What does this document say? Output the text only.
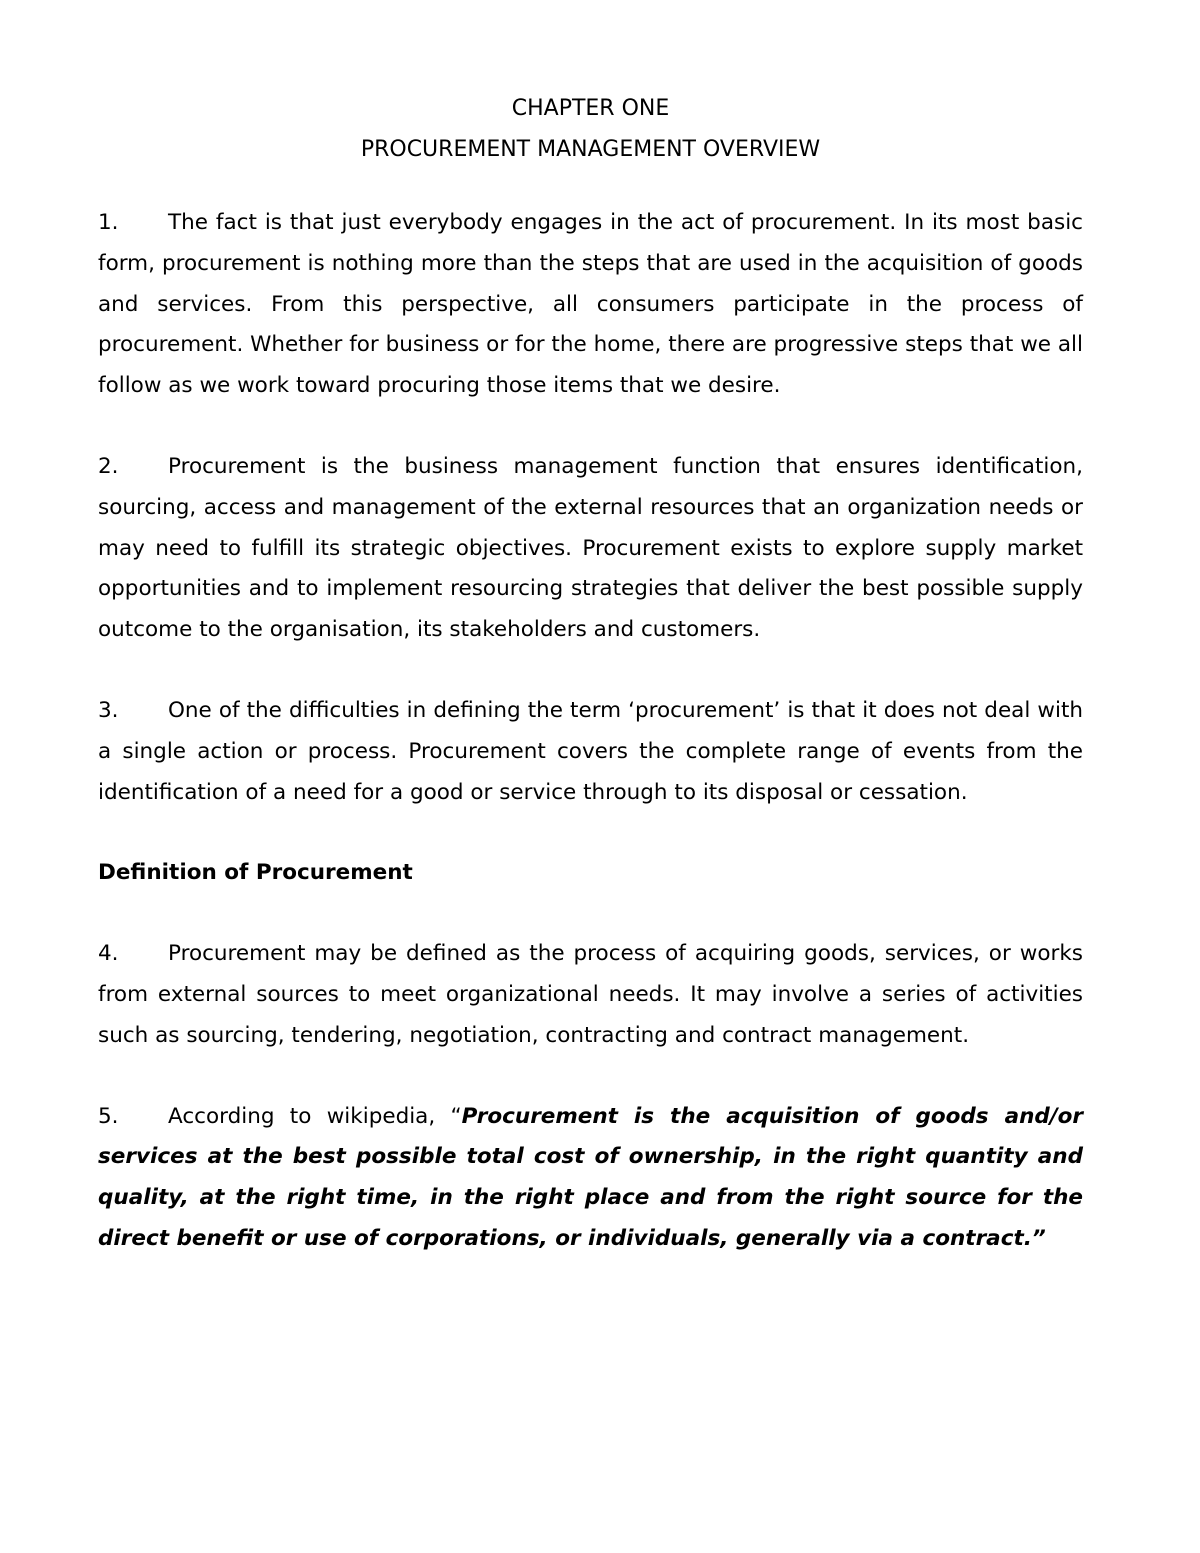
CHAPTER ONE

PROCUREMENT MANAGEMENT OVERVIEW

1. The fact is that just everybody engages in the act of procurement. In its most basic form, procurement is nothing more than the steps that are used in the acquisition of goods and services. From this perspective, all consumers participate in the process of procurement. Whether for business or for the home, there are progressive steps that we all follow as we work toward procuring those items that we desire.

2. Procurement is the business management function that ensures identification, sourcing, access and management of the external resources that an organization needs or may need to fulfill its strategic objectives. Procurement exists to explore supply market opportunities and to implement resourcing strategies that deliver the best possible supply outcome to the organisation, its stakeholders and customers.

3. One of the difficulties in defining the term ‘procurement’ is that it does not deal with a single action or process. Procurement covers the complete range of events from the identification of a need for a good or service through to its disposal or cessation.

Definition of Procurement

4. Procurement may be defined as the process of acquiring goods, services, or works from external sources to meet organizational needs. It may involve a series of activities such as sourcing, tendering, negotiation, contracting and contract management.

5. According to wikipedia, “Procurement is the acquisition of goods and/or services at the best possible total cost of ownership, in the right quantity and quality, at the right time, in the right place and from the right source for the direct benefit or use of corporations, or individuals, generally via a contract.”
